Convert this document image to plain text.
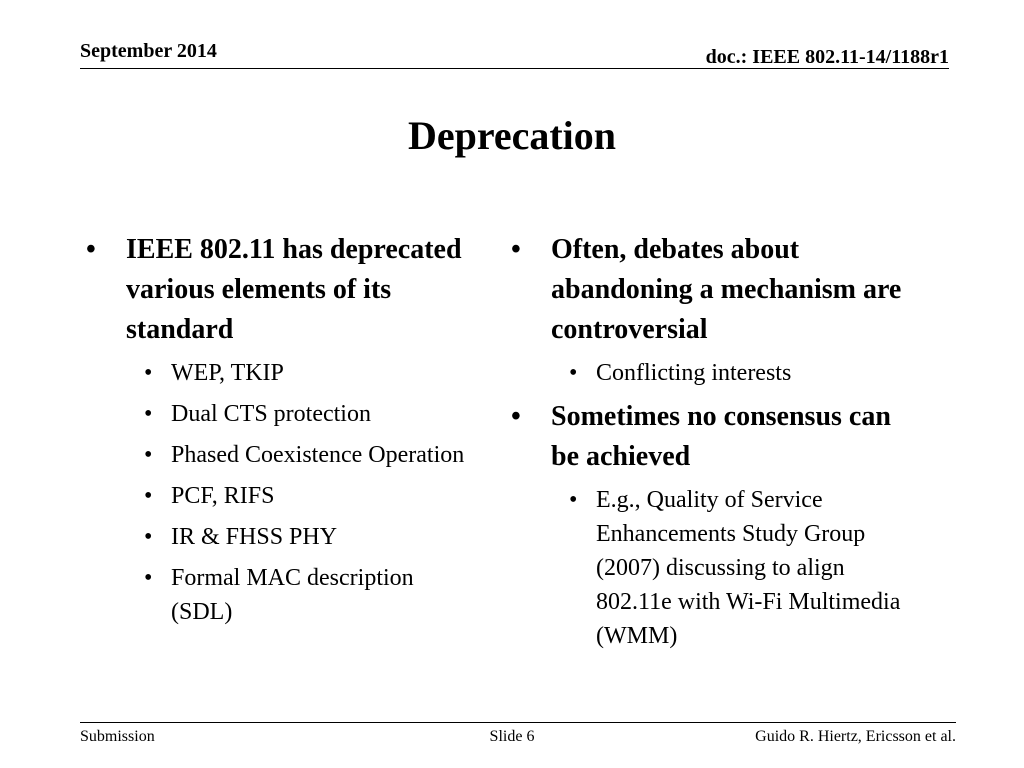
September 2014	doc.: IEEE 802.11-14/1188r1
Deprecation
• IEEE 802.11 has deprecated various elements of its standard
• WEP, TKIP
• Dual CTS protection
• Phased Coexistence Operation
• PCF, RIFS
• IR & FHSS PHY
• Formal MAC description (SDL)
• Often, debates about abandoning a mechanism are controversial
• Conflicting interests
• Sometimes no consensus can be achieved
• E.g., Quality of Service Enhancements Study Group (2007) discussing to align 802.11e with Wi-Fi Multimedia (WMM)
Submission	Slide 6	Guido R. Hiertz, Ericsson et al.
